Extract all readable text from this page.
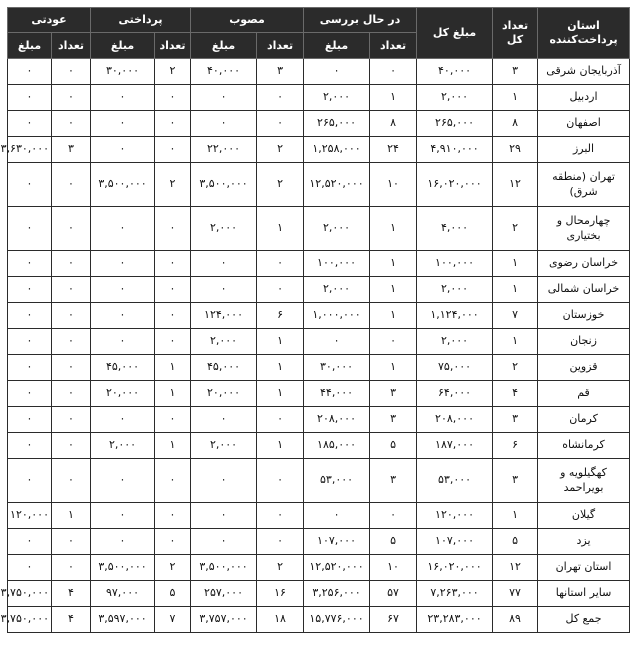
استان پرداخت‌کننده	تعداد کل	مبلغ کل	در حال بررسی		مصوب		پرداختی		عودتی	
			تعداد	مبلغ	تعداد	مبلغ	تعداد	مبلغ	تعداد	مبلغ
آذربایجان شرقی	۳	۴۰,۰۰۰	۰	۰	۳	۴۰,۰۰۰	۲	۳۰,۰۰۰	۰	۰
اردبیل	۱	۲,۰۰۰	۱	۲,۰۰۰	۰	۰	۰	۰	۰	۰
اصفهان	۸	۲۶۵,۰۰۰	۸	۲۶۵,۰۰۰	۰	۰	۰	۰	۰	۰
البرز	۲۹	۴,۹۱۰,۰۰۰	۲۴	۱,۲۵۸,۰۰۰	۲	۲۲,۰۰۰	۰	۰	۳	۳,۶۳۰,۰۰۰
تهران (منطقه شرق)	۱۲	۱۶,۰۲۰,۰۰۰	۱۰	۱۲,۵۲۰,۰۰۰	۲	۳,۵۰۰,۰۰۰	۲	۳,۵۰۰,۰۰۰	۰	۰
چهارمحال و بختیاری	۲	۴,۰۰۰	۱	۲,۰۰۰	۱	۲,۰۰۰	۰	۰	۰	۰
خراسان رضوی	۱	۱۰۰,۰۰۰	۱	۱۰۰,۰۰۰	۰	۰	۰	۰	۰	۰
خراسان شمالی	۱	۲,۰۰۰	۱	۲,۰۰۰	۰	۰	۰	۰	۰	۰
خوزستان	۷	۱,۱۲۴,۰۰۰	۱	۱,۰۰۰,۰۰۰	۶	۱۲۴,۰۰۰	۰	۰	۰	۰
زنجان	۱	۲,۰۰۰	۰	۰	۱	۲,۰۰۰	۰	۰	۰	۰
قزوین	۲	۷۵,۰۰۰	۱	۳۰,۰۰۰	۱	۴۵,۰۰۰	۱	۴۵,۰۰۰	۰	۰
قم	۴	۶۴,۰۰۰	۳	۴۴,۰۰۰	۱	۲۰,۰۰۰	۱	۲۰,۰۰۰	۰	۰
کرمان	۳	۲۰۸,۰۰۰	۳	۲۰۸,۰۰۰	۰	۰	۰	۰	۰	۰
کرمانشاه	۶	۱۸۷,۰۰۰	۵	۱۸۵,۰۰۰	۱	۲,۰۰۰	۱	۲,۰۰۰	۰	۰
کهگیلویه و بویراحمد	۳	۵۳,۰۰۰	۳	۵۳,۰۰۰	۰	۰	۰	۰	۰	۰
گیلان	۱	۱۲۰,۰۰۰	۰	۰	۰	۰	۰	۰	۱	۱۲۰,۰۰۰
یزد	۵	۱۰۷,۰۰۰	۵	۱۰۷,۰۰۰	۰	۰	۰	۰	۰	۰
استان تهران	۱۲	۱۶,۰۲۰,۰۰۰	۱۰	۱۲,۵۲۰,۰۰۰	۲	۳,۵۰۰,۰۰۰	۲	۳,۵۰۰,۰۰۰	۰	۰
سایر استانها	۷۷	۷,۲۶۳,۰۰۰	۵۷	۳,۲۵۶,۰۰۰	۱۶	۲۵۷,۰۰۰	۵	۹۷,۰۰۰	۴	۳,۷۵۰,۰۰۰
جمع کل	۸۹	۲۳,۲۸۳,۰۰۰	۶۷	۱۵,۷۷۶,۰۰۰	۱۸	۳,۷۵۷,۰۰۰	۷	۳,۵۹۷,۰۰۰	۴	۳,۷۵۰,۰۰۰
